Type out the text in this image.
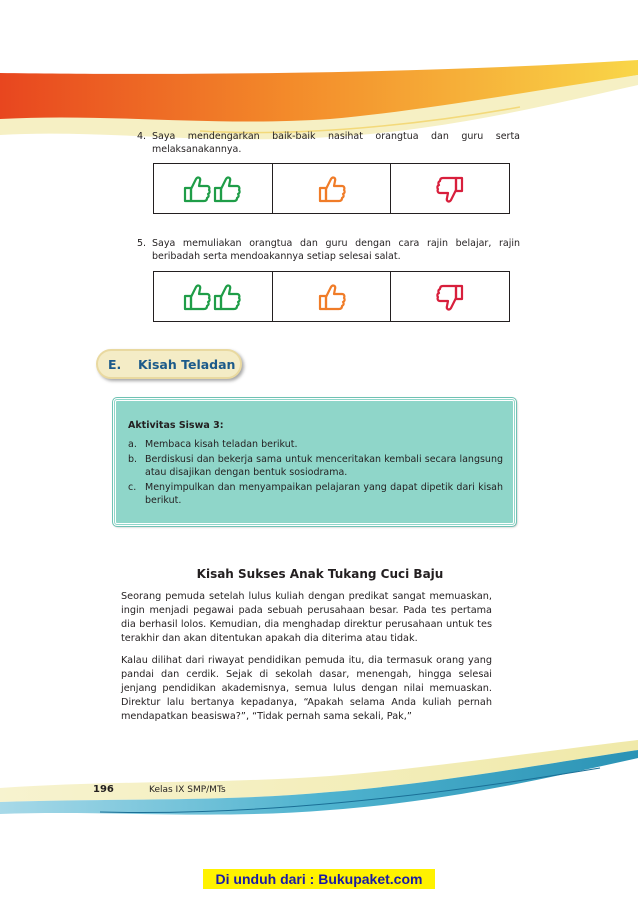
4. Saya mendengarkan baik-baik nasihat orangtua dan guru serta melaksanakannya.
5. Saya memuliakan orangtua dan guru dengan cara rajin belajar, rajin beribadah serta mendoakannya setiap selesai salat.
E. Kisah Teladan
Aktivitas Siswa 3:
a. Membaca kisah teladan berikut.
b. Berdiskusi dan bekerja sama untuk menceritakan kembali secara langsung atau disajikan dengan bentuk sosiodrama.
c. Menyimpulkan dan menyampaikan pelajaran yang dapat dipetik dari kisah berikut.
Kisah Sukses Anak Tukang Cuci Baju

Seorang pemuda setelah lulus kuliah dengan predikat sangat memuaskan, ingin menjadi pegawai pada sebuah perusahaan besar. Pada tes pertama dia berhasil lolos. Kemudian, dia menghadap direktur perusahaan untuk tes terakhir dan akan ditentukan apakah dia diterima atau tidak.

Kalau dilihat dari riwayat pendidikan pemuda itu, dia termasuk orang yang pandai dan cerdik. Sejak di sekolah dasar, menengah, hingga selesai jenjang pendidikan akademisnya, semua lulus dengan nilai memuaskan. Direktur lalu bertanya kepadanya, “Apakah selama Anda kuliah pernah mendapatkan beasiswa?”, “Tidak pernah sama sekali, Pak,”

196	Kelas IX SMP/MTs
Di unduh dari : Bukupaket.com
